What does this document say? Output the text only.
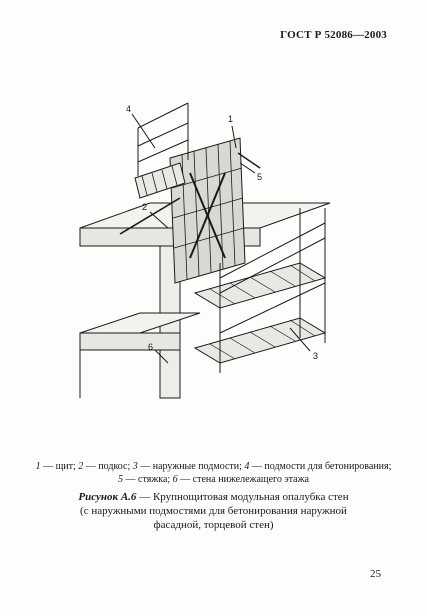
ГОСТ Р 52086—2003
1
2
3
4
5
6
1 — щит; 2 — подкос; 3 — наружные подмости; 4 — подмости для бетонирования;
5 — стяжка; 6 — стена нижележащего этажа
Рисунок А.6 — Крупнощитовая модульная опалубка стен
(с наружными подмостями для бетонирования наружной
фасадной, торцевой стен)
25
